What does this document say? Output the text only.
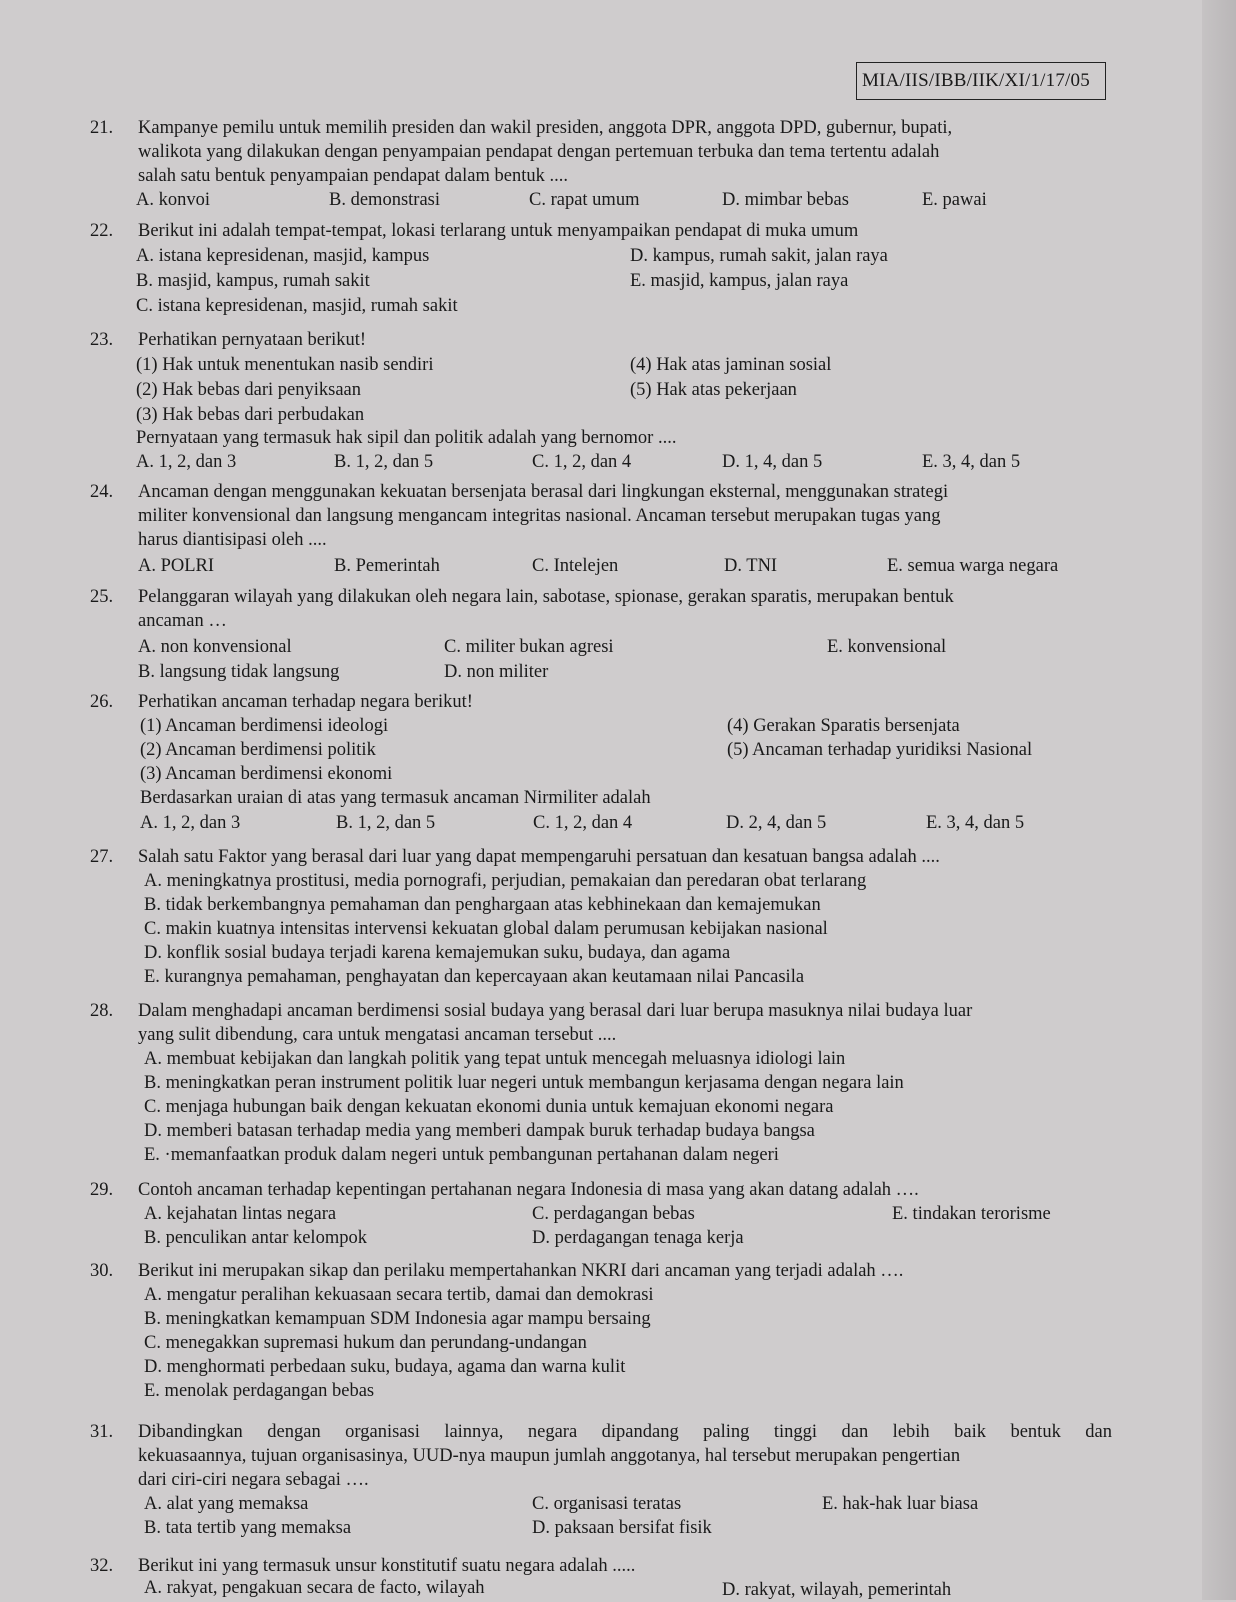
MIA/IIS/IBB/IIK/XI/1/17/05
21. Kampanye pemilu untuk memilih presiden dan wakil presiden, anggota DPR, anggota DPD, gubernur, bupati,
walikota yang dilakukan dengan penyampaian pendapat dengan pertemuan terbuka dan tema tertentu adalah
salah satu bentuk penyampaian pendapat dalam bentuk ....
A. konvoi	B. demonstrasi	C. rapat umum	D. mimbar bebas	E. pawai
22. Berikut ini adalah tempat-tempat, lokasi terlarang untuk menyampaikan pendapat di muka umum
A. istana kepresidenan, masjid, kampus	D. kampus, rumah sakit, jalan raya
B. masjid, kampus, rumah sakit	E. masjid, kampus, jalan raya
C. istana kepresidenan, masjid, rumah sakit
23. Perhatikan pernyataan berikut!
(1) Hak untuk menentukan nasib sendiri	(4) Hak atas jaminan sosial
(2) Hak bebas dari penyiksaan	(5) Hak atas pekerjaan
(3) Hak bebas dari perbudakan
Pernyataan yang termasuk hak sipil dan politik adalah yang bernomor ....
A. 1, 2, dan 3	B. 1, 2, dan 5	C. 1, 2, dan 4	D. 1, 4, dan 5	E. 3, 4, dan 5
24. Ancaman dengan menggunakan kekuatan bersenjata berasal dari lingkungan eksternal, menggunakan strategi
militer konvensional dan langsung mengancam integritas nasional. Ancaman tersebut merupakan tugas yang
harus diantisipasi oleh ....
A. POLRI	B. Pemerintah	C. Intelejen	D. TNI	E. semua warga negara
25. Pelanggaran wilayah yang dilakukan oleh negara lain, sabotase, spionase, gerakan sparatis, merupakan bentuk
ancaman …
A. non konvensional	C. militer bukan agresi	E. konvensional
B. langsung tidak langsung	D. non militer
26. Perhatikan ancaman terhadap negara berikut!
(1) Ancaman berdimensi ideologi	(4) Gerakan Sparatis bersenjata
(2) Ancaman berdimensi politik	(5) Ancaman terhadap yuridiksi Nasional
(3) Ancaman berdimensi ekonomi
Berdasarkan uraian di atas yang termasuk ancaman Nirmiliter adalah
A. 1, 2, dan 3	B. 1, 2, dan 5	C. 1, 2, dan 4	D. 2, 4, dan 5	E. 3, 4, dan 5
27. Salah satu Faktor yang berasal dari luar yang dapat mempengaruhi persatuan dan kesatuan bangsa adalah ....
A. meningkatnya prostitusi, media pornografi, perjudian, pemakaian dan peredaran obat terlarang
B. tidak berkembangnya pemahaman dan penghargaan atas kebhinekaan dan kemajemukan
C. makin kuatnya intensitas intervensi kekuatan global dalam perumusan kebijakan nasional
D. konflik sosial budaya terjadi karena kemajemukan suku, budaya, dan agama
E. kurangnya pemahaman, penghayatan dan kepercayaan akan keutamaan nilai Pancasila
28. Dalam menghadapi ancaman berdimensi sosial budaya yang berasal dari luar berupa masuknya nilai budaya luar
yang sulit dibendung, cara untuk mengatasi ancaman tersebut ....
A. membuat kebijakan dan langkah politik yang tepat untuk mencegah meluasnya idiologi lain
B. meningkatkan peran instrument politik luar negeri untuk membangun kerjasama dengan negara lain
C. menjaga hubungan baik dengan kekuatan ekonomi dunia untuk kemajuan ekonomi negara
D. memberi batasan terhadap media yang memberi dampak buruk terhadap budaya bangsa
E. ·memanfaatkan produk dalam negeri untuk pembangunan pertahanan dalam negeri
29. Contoh ancaman terhadap kepentingan pertahanan negara Indonesia di masa yang akan datang adalah ….
A. kejahatan lintas negara	C. perdagangan bebas	E. tindakan terorisme
B. penculikan antar kelompok	D. perdagangan tenaga kerja
30. Berikut ini merupakan sikap dan perilaku mempertahankan NKRI dari ancaman yang terjadi adalah ….
A. mengatur peralihan kekuasaan secara tertib, damai dan demokrasi
B. meningkatkan kemampuan SDM Indonesia agar mampu bersaing
C. menegakkan supremasi hukum dan perundang-undangan
D. menghormati perbedaan suku, budaya, agama dan warna kulit
E. menolak perdagangan bebas
31. Dibandingkan dengan organisasi lainnya, negara dipandang paling tinggi dan lebih baik bentuk dan
kekuasaannya, tujuan organisasinya, UUD-nya maupun jumlah anggotanya, hal tersebut merupakan pengertian
dari ciri-ciri negara sebagai ….
A. alat yang memaksa	C. organisasi teratas	E. hak-hak luar biasa
B. tata tertib yang memaksa	D. paksaan bersifat fisik
32. Berikut ini yang termasuk unsur konstitutif suatu negara adalah .....
A. rakyat, pengakuan secara de facto, wilayah	D. rakyat, wilayah, pemerintah
